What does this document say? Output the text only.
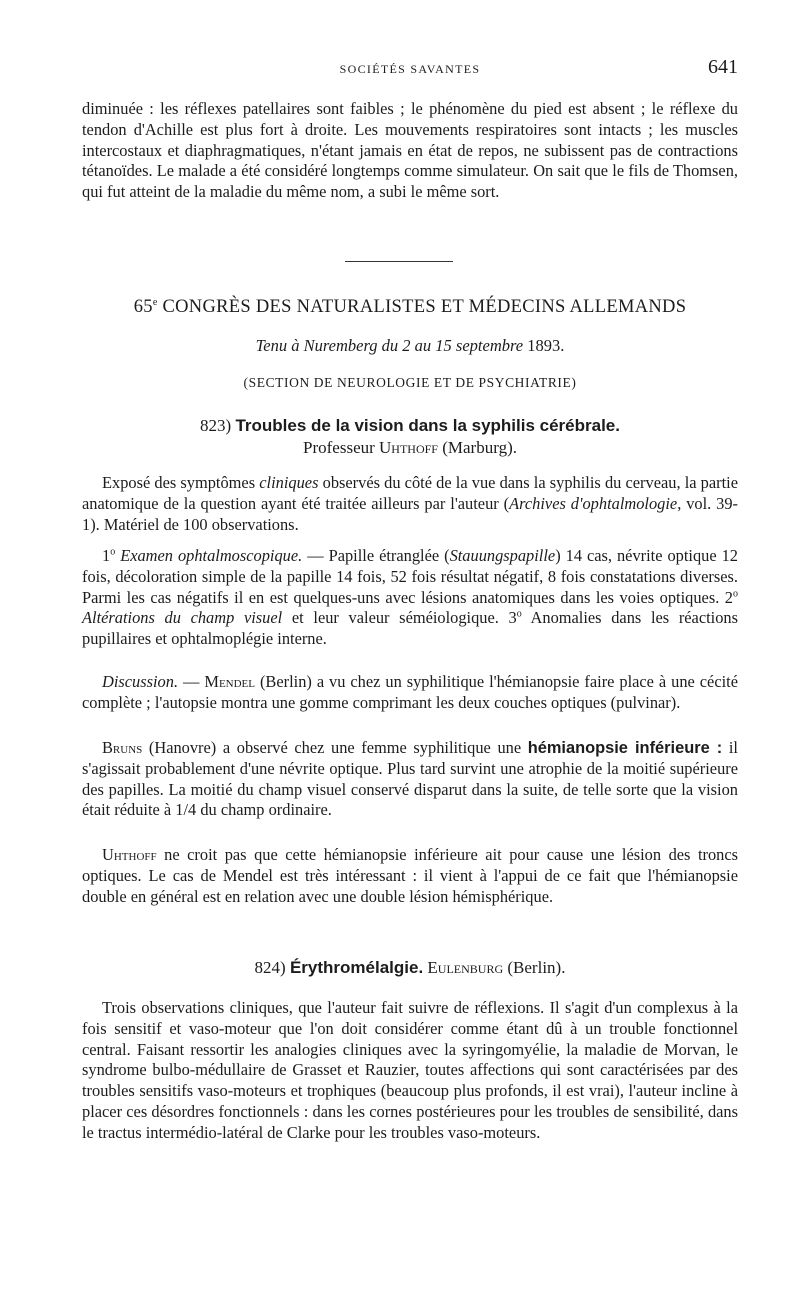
SOCIÉTÉS SAVANTES	641

diminuée : les réflexes patellaires sont faibles ; le phénomène du pied est absent ; le réflexe du tendon d'Achille est plus fort à droite. Les mouvements respiratoires sont intacts ; les muscles intercostaux et diaphragmatiques, n'étant jamais en état de repos, ne subissent pas de contractions tétanoïdes. Le malade a été considéré longtemps comme simulateur. On sait que le fils de Thomsen, qui fut atteint de la maladie du même nom, a subi le même sort.

65e CONGRÈS DES NATURALISTES ET MÉDECINS ALLEMANDS

Tenu à Nuremberg du 2 au 15 septembre 1893.

(SECTION DE NEUROLOGIE ET DE PSYCHIATRIE)

823) Troubles de la vision dans la syphilis cérébrale.

Professeur Uhthoff (Marburg).

Exposé des symptômes cliniques observés du côté de la vue dans la syphilis du cerveau, la partie anatomique de la question ayant été traitée ailleurs par l'auteur (Archives d'ophtalmologie, vol. 39-1). Matériel de 100 observations.

1$^o$ Examen ophtalmoscopique. — Papille étranglée (Stauungspapille) 14 cas, névrite optique 12 fois, décoloration simple de la papille 14 fois, 52 fois résultat négatif, 8 fois constatations diverses. Parmi les cas négatifs il en est quelques-uns avec lésions anatomiques dans les voies optiques. 2$^o$ Altérations du champ visuel et leur valeur séméiologique. 3$^o$ Anomalies dans les réactions pupillaires et ophtalmoplégie interne.

Discussion. — Mendel (Berlin) a vu chez un syphilitique l'hémianopsie faire place à une cécité complète ; l'autopsie montra une gomme comprimant les deux couches optiques (pulvinar).

Bruns (Hanovre) a observé chez une femme syphilitique une hémianopsie inférieure : il s'agissait probablement d'une névrite optique. Plus tard survint une atrophie de la moitié supérieure des papilles. La moitié du champ visuel conservé disparut dans la suite, de telle sorte que la vision était réduite à 1/4 du champ ordinaire.

Uhthoff ne croit pas que cette hémianopsie inférieure ait pour cause une lésion des troncs optiques. Le cas de Mendel est très intéressant : il vient à l'appui de ce fait que l'hémianopsie double en général est en relation avec une double lésion hémisphérique.

824) Érythromélalgie. Eulenburg (Berlin).

Trois observations cliniques, que l'auteur fait suivre de réflexions. Il s'agit d'un complexus à la fois sensitif et vaso-moteur que l'on doit considérer comme étant dû à un trouble fonctionnel central. Faisant ressortir les analogies cliniques avec la syringomyélie, la maladie de Morvan, le syndrome bulbo-médullaire de Grasset et Rauzier, toutes affections qui sont caractérisées par des troubles sensitifs vaso-moteurs et trophiques (beaucoup plus profonds, il est vrai), l'auteur incline à placer ces désordres fonctionnels : dans les cornes postérieures pour les troubles de sensibilité, dans le tractus intermédio-latéral de Clarke pour les troubles vaso-moteurs.
